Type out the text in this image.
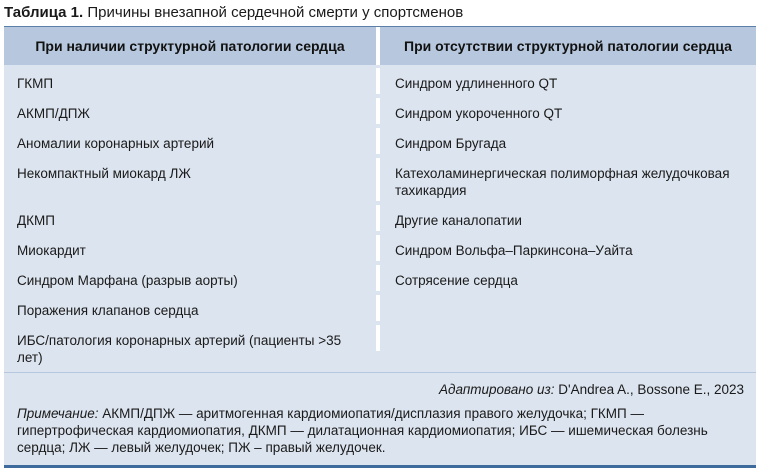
Таблица 1. Причины внезапной сердечной смерти у спортсменов
При наличии структурной патологии сердца	При отсутствии структурной патологии сердца
ГКМП	Синдром удлиненного QT
АКМП/ДПЖ	Синдром укороченного QT
Аномалии коронарных артерий	Синдром Бругада
Некомпактный миокард ЛЖ	Катехоламинергическая полиморфная желудочковая тахикардия
ДКМП	Другие каналопатии
Миокардит	Синдром Вольфа–Паркинсона–Уайта
Синдром Марфана (разрыв аорты)	Сотрясение сердца
Поражения клапанов сердца
ИБС/патология коронарных артерий (пациенты >35 лет)
Адаптировано из: D'Andrea A., Bossone E., 2023
Примечание: АКМП/ДПЖ — аритмогенная кардиомиопатия/дисплазия правого желудочка; ГКМП — гипертрофическая кардиомиопатия, ДКМП — дилатационная кардиомиопатия; ИБС — ишемическая болезнь сердца; ЛЖ — левый желудочек; ПЖ – правый желудочек.
